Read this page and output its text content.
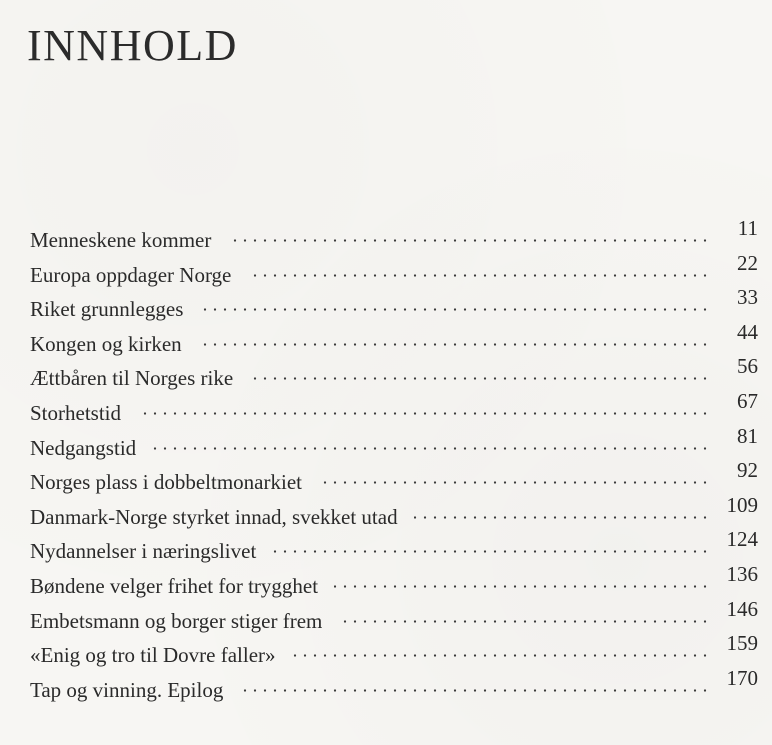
INNHOLD
Menneskene kommer	11
Europa oppdager Norge	22
Riket grunnlegges	33
Kongen og kirken	44
Ættbåren til Norges rike	56
Storhetstid	67
Nedgangstid	81
Norges plass i dobbeltmonarkiet	92
Danmark-Norge styrket innad, svekket utad	109
Nydannelser i næringslivet	124
Bøndene velger frihet for trygghet	136
Embetsmann og borger stiger frem	146
«Enig og tro til Dovre faller»	159
Tap og vinning. Epilog	170
